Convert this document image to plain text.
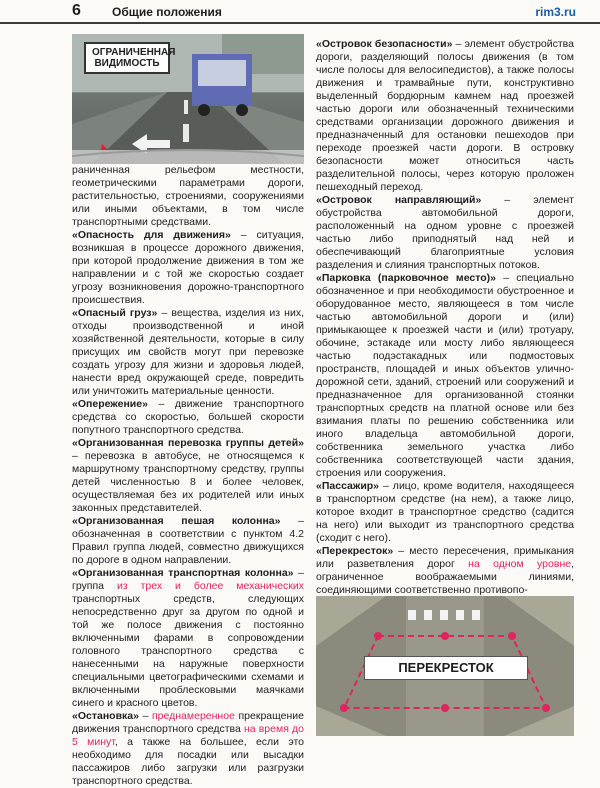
6	Общие положения	rim3.ru
ОГРАНИЧЕННАЯ
ВИДИМОСТЬ

раниченная рельефом местности, геометрическими параметрами дороги, растительностью, строениями, сооружениями или иными объектами, в том числе транспортными средствами.

«Опасность для движения» – ситуация, возникшая в процессе дорожного движения, при которой продолжение движения в том же направлении и с той же скоростью создает угрозу возникновения дорожно-транспортного происшествия.

«Опасный груз» – вещества, изделия из них, отходы производственной и иной хозяйственной деятельности, которые в силу присущих им свойств могут при перевозке создать угрозу для жизни и здоровья людей, нанести вред окружающей среде, повредить или уничтожить материальные ценности.

«Опережение» – движение транспортного средства со скоростью, большей скорости попутного транспортного средства.

«Организованная перевозка группы детей» – перевозка в автобусе, не относящемся к маршрутному транспортному средству, группы детей численностью 8 и более человек, осуществляемая без их родителей или иных законных представителей.

«Организованная пешая колонна» – обозначенная в соответствии с пунктом 4.2 Правил группа людей, совместно движущихся по дороге в одном направлении.

«Организованная транспортная колонна» – группа из трех и более механических транспортных средств, следующих непосредственно друг за другом по одной и той же полосе движения с постоянно включенными фарами в сопровождении головного транспортного средства с нанесенными на наружные поверхности специальными цветографическими схемами и включенными проблесковыми маячками синего и красного цветов.

«Остановка» – преднамеренное прекращение движения транспортного средства на время до 5 минут, а также на большее, если это необходимо для посадки или высадки пассажиров либо загрузки или разгрузки транспортного средства.

«Островок безопасности» – элемент обустройства дороги, разделяющий полосы движения (в том числе полосы для велосипедистов), а также полосы движения и трамвайные пути, конструктивно выделенный бордюрным камнем над проезжей частью дороги или обозначенный техническими средствами организации дорожного движения и предназначенный для остановки пешеходов при переходе проезжей части дороги. В островку безопасности может относиться часть разделительной полосы, через которую проложен пешеходный переход.

«Островок направляющий» – элемент обустройства автомобильной дороги, расположенный на одном уровне с проезжей частью либо приподнятый над ней и обеспечивающий благоприятные условия разделения и слияния транспортных потоков.

«Парковка (парковочное место)» – специально обозначенное и при необходимости обустроенное и оборудованное место, являющееся в том числе частью автомобильной дороги и (или) примыкающее к проезжей части и (или) тротуару, обочине, эстакаде или мосту либо являющееся частью подэстакадных или подмостовых пространств, площадей и иных объектов улично-дорожной сети, зданий, строений или сооружений и предназначенное для организованной стоянки транспортных средств на платной основе или без взимания платы по решению собственника или иного владельца автомобильной дороги, собственника земельного участка либо собственника соответствующей части здания, строения или сооружения.

«Пассажир» – лицо, кроме водителя, находящееся в транспортном средстве (на нем), а также лицо, которое входит в транспортное средство (садится на него) или выходит из транспортного средства (сходит с него).

«Перекресток» – место пересечения, примыкания или разветвления дорог на одном уровне, ограниченное воображаемыми линиями, соединяющими соответственно противопо-

ПЕРЕКРЕСТОК
